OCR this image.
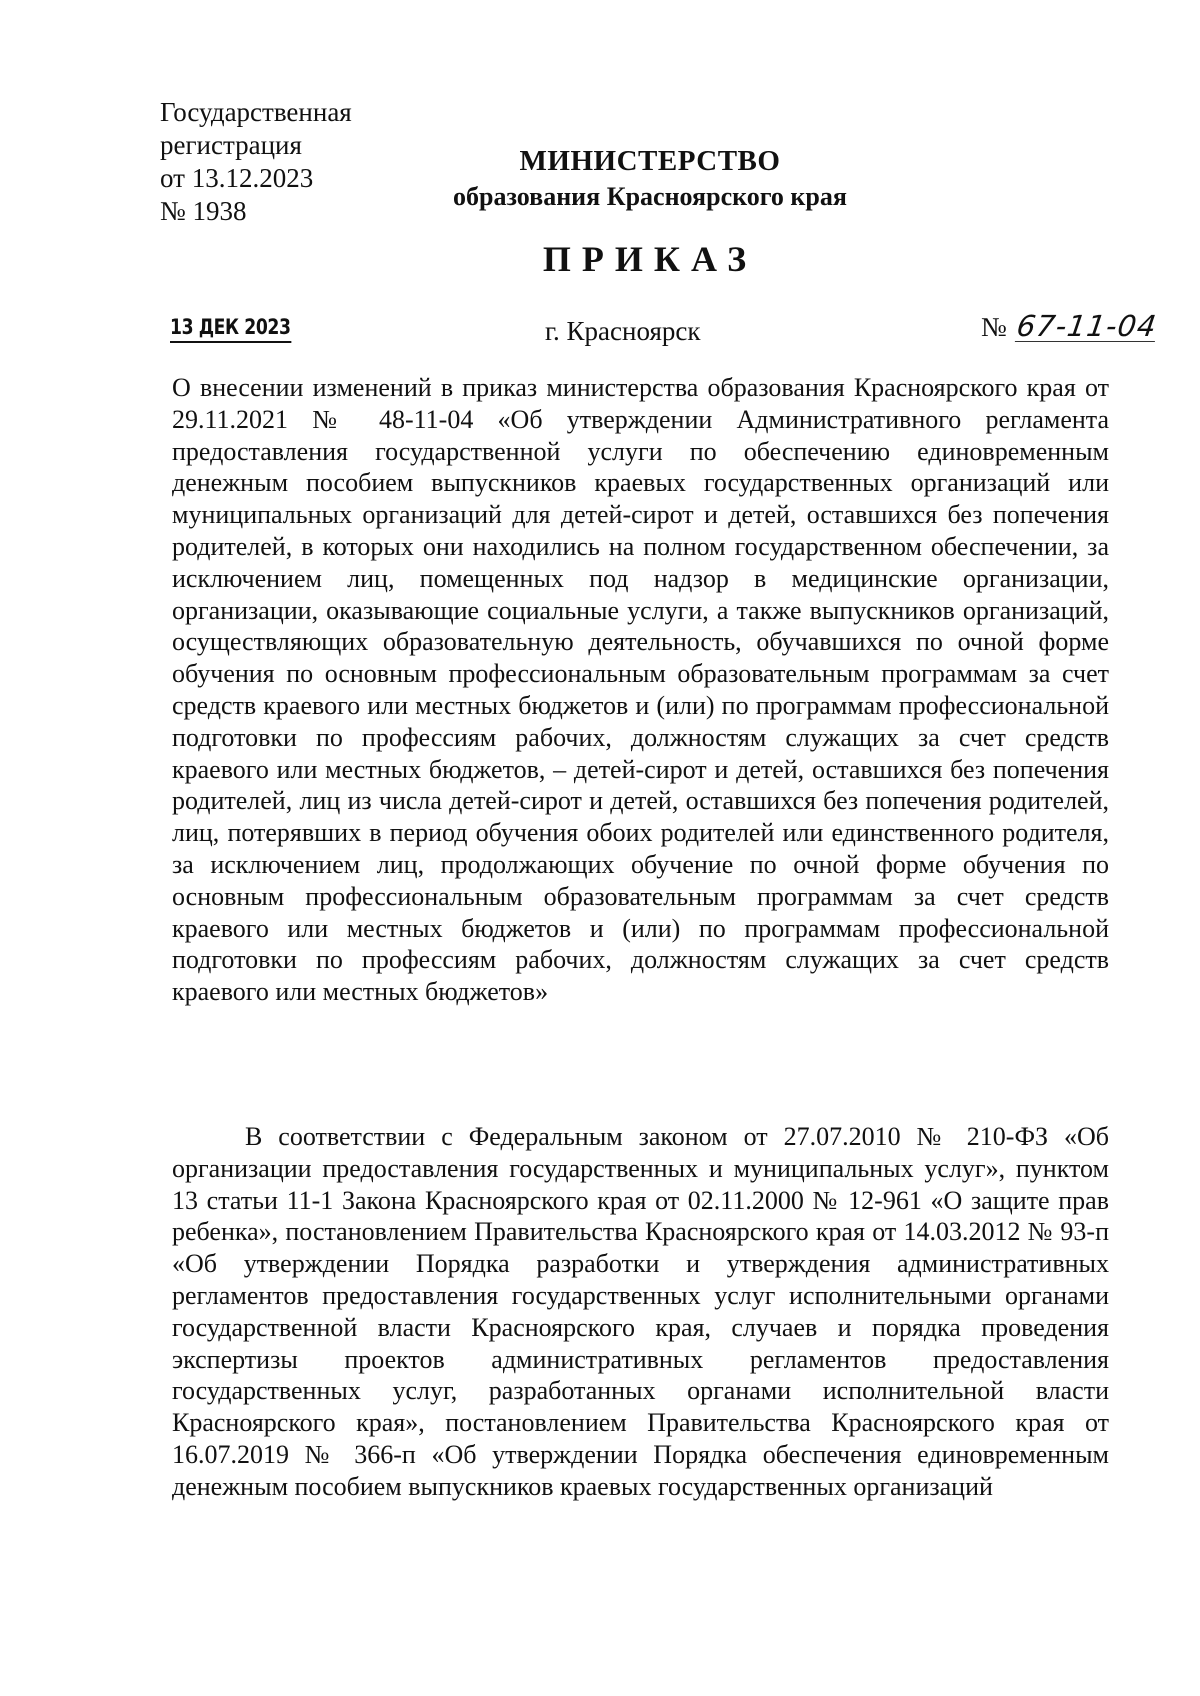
Государственная
регистрация
от 13.12.2023
№ 1938
МИНИСТЕРСТВО
образования Красноярского края
ПРИКАЗ
13 ДЕК 2023	г. Красноярск	№ 67-11-04
О внесении изменений в приказ министерства образования Красноярского края от 29.11.2021 № 48-11-04 «Об утверждении Административного регламента предоставления государственной услуги по обеспечению единовременным денежным пособием выпускников краевых государственных организаций или муниципальных организаций для детей-сирот и детей, оставшихся без попечения родителей, в которых они находились на полном государственном обеспечении, за исключением лиц, помещенных под надзор в медицинские организации, организации, оказывающие социальные услуги, а также выпускников организаций, осуществляющих образовательную деятельность, обучавшихся по очной форме обучения по основным профессиональным образовательным программам за счет средств краевого или местных бюджетов и (или) по программам профессиональной подготовки по профессиям рабочих, должностям служащих за счет средств краевого или местных бюджетов, – детей-сирот и детей, оставшихся без попечения родителей, лиц из числа детей-сирот и детей, оставшихся без попечения родителей, лиц, потерявших в период обучения обоих родителей или единственного родителя, за исключением лиц, продолжающих обучение по очной форме обучения по основным профессиональным образовательным программам за счет средств краевого или местных бюджетов и (или) по программам профессиональной подготовки по профессиям рабочих, должностям служащих за счет средств краевого или местных бюджетов»
В соответствии с Федеральным законом от 27.07.2010 № 210-ФЗ «Об организации предоставления государственных и муниципальных услуг», пунктом 13 статьи 11-1 Закона Красноярского края от 02.11.2000 № 12-961 «О защите прав ребенка», постановлением Правительства Красноярского края от 14.03.2012 № 93-п «Об утверждении Порядка разработки и утверждения административных регламентов предоставления государственных услуг исполнительными органами государственной власти Красноярского края, случаев и порядка проведения экспертизы проектов административных регламентов предоставления государственных услуг, разработанных органами исполнительной власти Красноярского края», постановлением Правительства Красноярского края от 16.07.2019 № 366-п «Об утверждении Порядка обеспечения единовременным денежным пособием выпускников краевых государственных организаций
